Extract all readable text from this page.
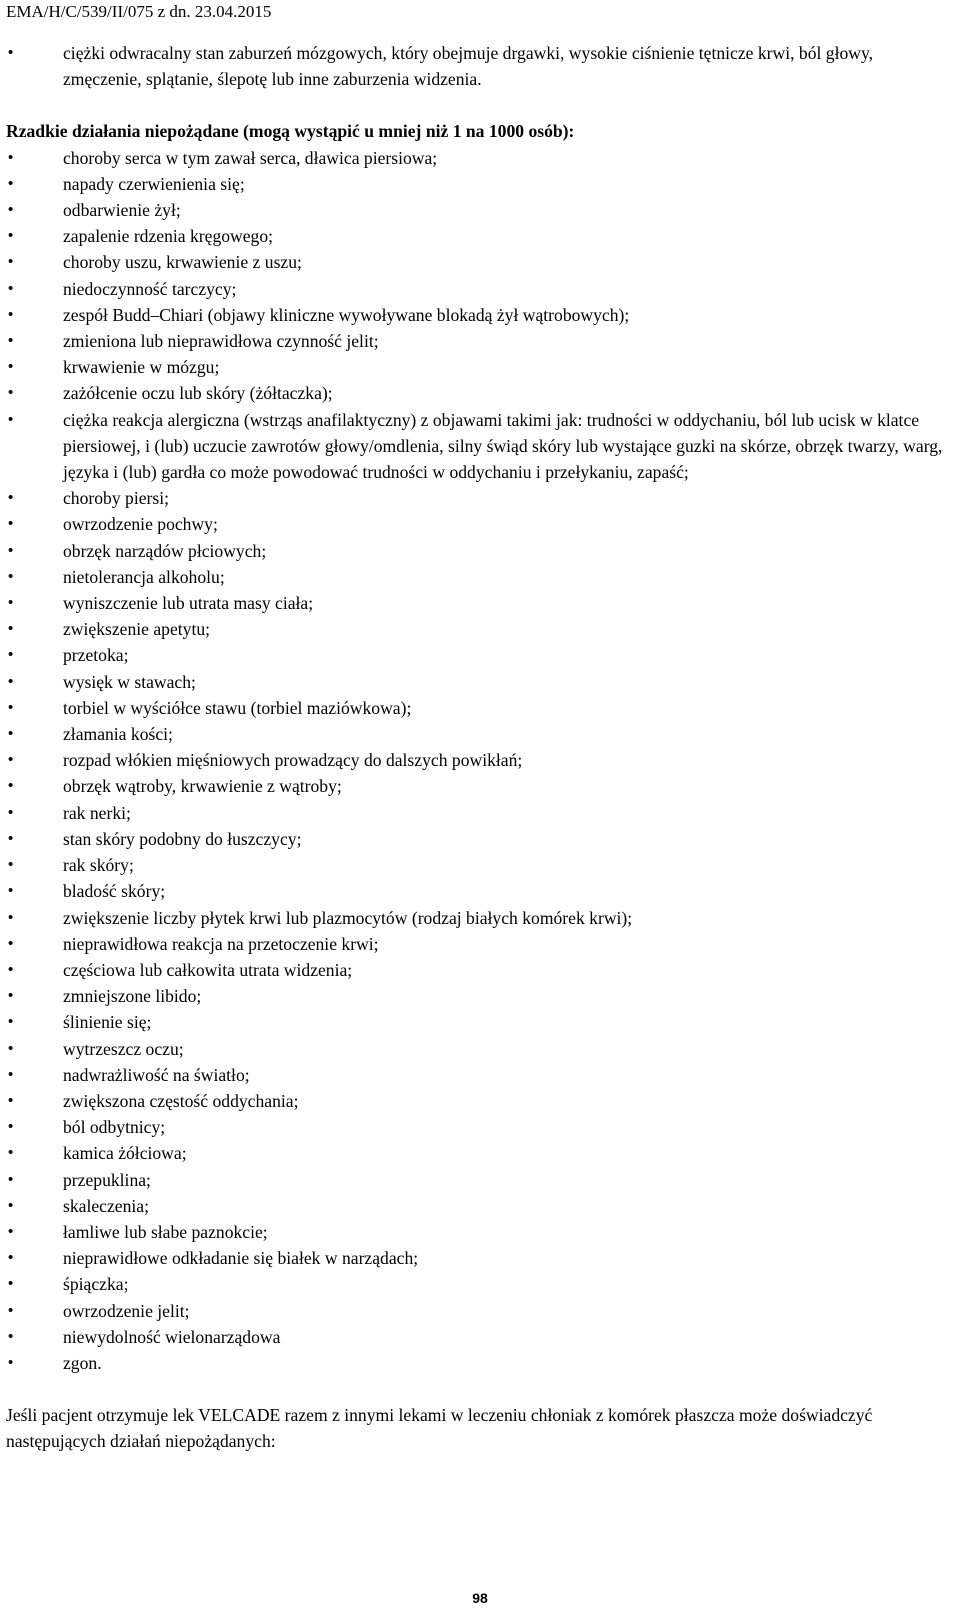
EMA/H/C/539/II/075 z dn. 23.04.2015
•	ciężki odwracalny stan zaburzeń mózgowych, który obejmuje drgawki, wysokie ciśnienie tętnicze krwi, ból głowy, zmęczenie, splątanie, ślepotę lub inne zaburzenia widzenia.
Rzadkie działania niepożądane (mogą wystąpić u mniej niż 1 na 1000 osób):
•	choroby serca w tym zawał serca, dławica piersiowa;
•	napady czerwienienia się;
•	odbarwienie żył;
•	zapalenie rdzenia kręgowego;
•	choroby uszu, krwawienie z uszu;
•	niedoczynność tarczycy;
•	zespół Budd–Chiari (objawy kliniczne wywoływane blokadą żył wątrobowych);
•	zmieniona lub nieprawidłowa czynność jelit;
•	krwawienie w mózgu;
•	zażółcenie oczu lub skóry (żółtaczka);
•	ciężka reakcja alergiczna (wstrząs anafilaktyczny) z objawami takimi jak: trudności w oddychaniu, ból lub ucisk w klatce piersiowej, i (lub) uczucie zawrotów głowy/omdlenia, silny świąd skóry lub wystające guzki na skórze, obrzęk twarzy, warg, języka i (lub) gardła co może powodować trudności w oddychaniu i przełykaniu, zapaść;
•	choroby piersi;
•	owrzodzenie pochwy;
•	obrzęk narządów płciowych;
•	nietolerancja alkoholu;
•	wyniszczenie lub utrata masy ciała;
•	zwiększenie apetytu;
•	przetoka;
•	wysięk w stawach;
•	torbiel w wyściółce stawu (torbiel maziówkowa);
•	złamania kości;
•	rozpad włókien mięśniowych prowadzący do dalszych powikłań;
•	obrzęk wątroby, krwawienie z wątroby;
•	rak nerki;
•	stan skóry podobny do łuszczycy;
•	rak skóry;
•	bladość skóry;
•	zwiększenie liczby płytek krwi lub plazmocytów (rodzaj białych komórek krwi);
•	nieprawidłowa reakcja na przetoczenie krwi;
•	częściowa lub całkowita utrata widzenia;
•	zmniejszone libido;
•	ślinienie się;
•	wytrzeszcz oczu;
•	nadwrażliwość na światło;
•	zwiększona częstość oddychania;
•	ból odbytnicy;
•	kamica żółciowa;
•	przepuklina;
•	skaleczenia;
•	łamliwe lub słabe paznokcie;
•	nieprawidłowe odkładanie się białek w narządach;
•	śpiączka;
•	owrzodzenie jelit;
•	niewydolność wielonarządowa
•	zgon.
Jeśli pacjent otrzymuje lek VELCADE razem z innymi lekami w leczeniu chłoniak z komórek płaszcza może doświadczyć następujących działań niepożądanych:
98
